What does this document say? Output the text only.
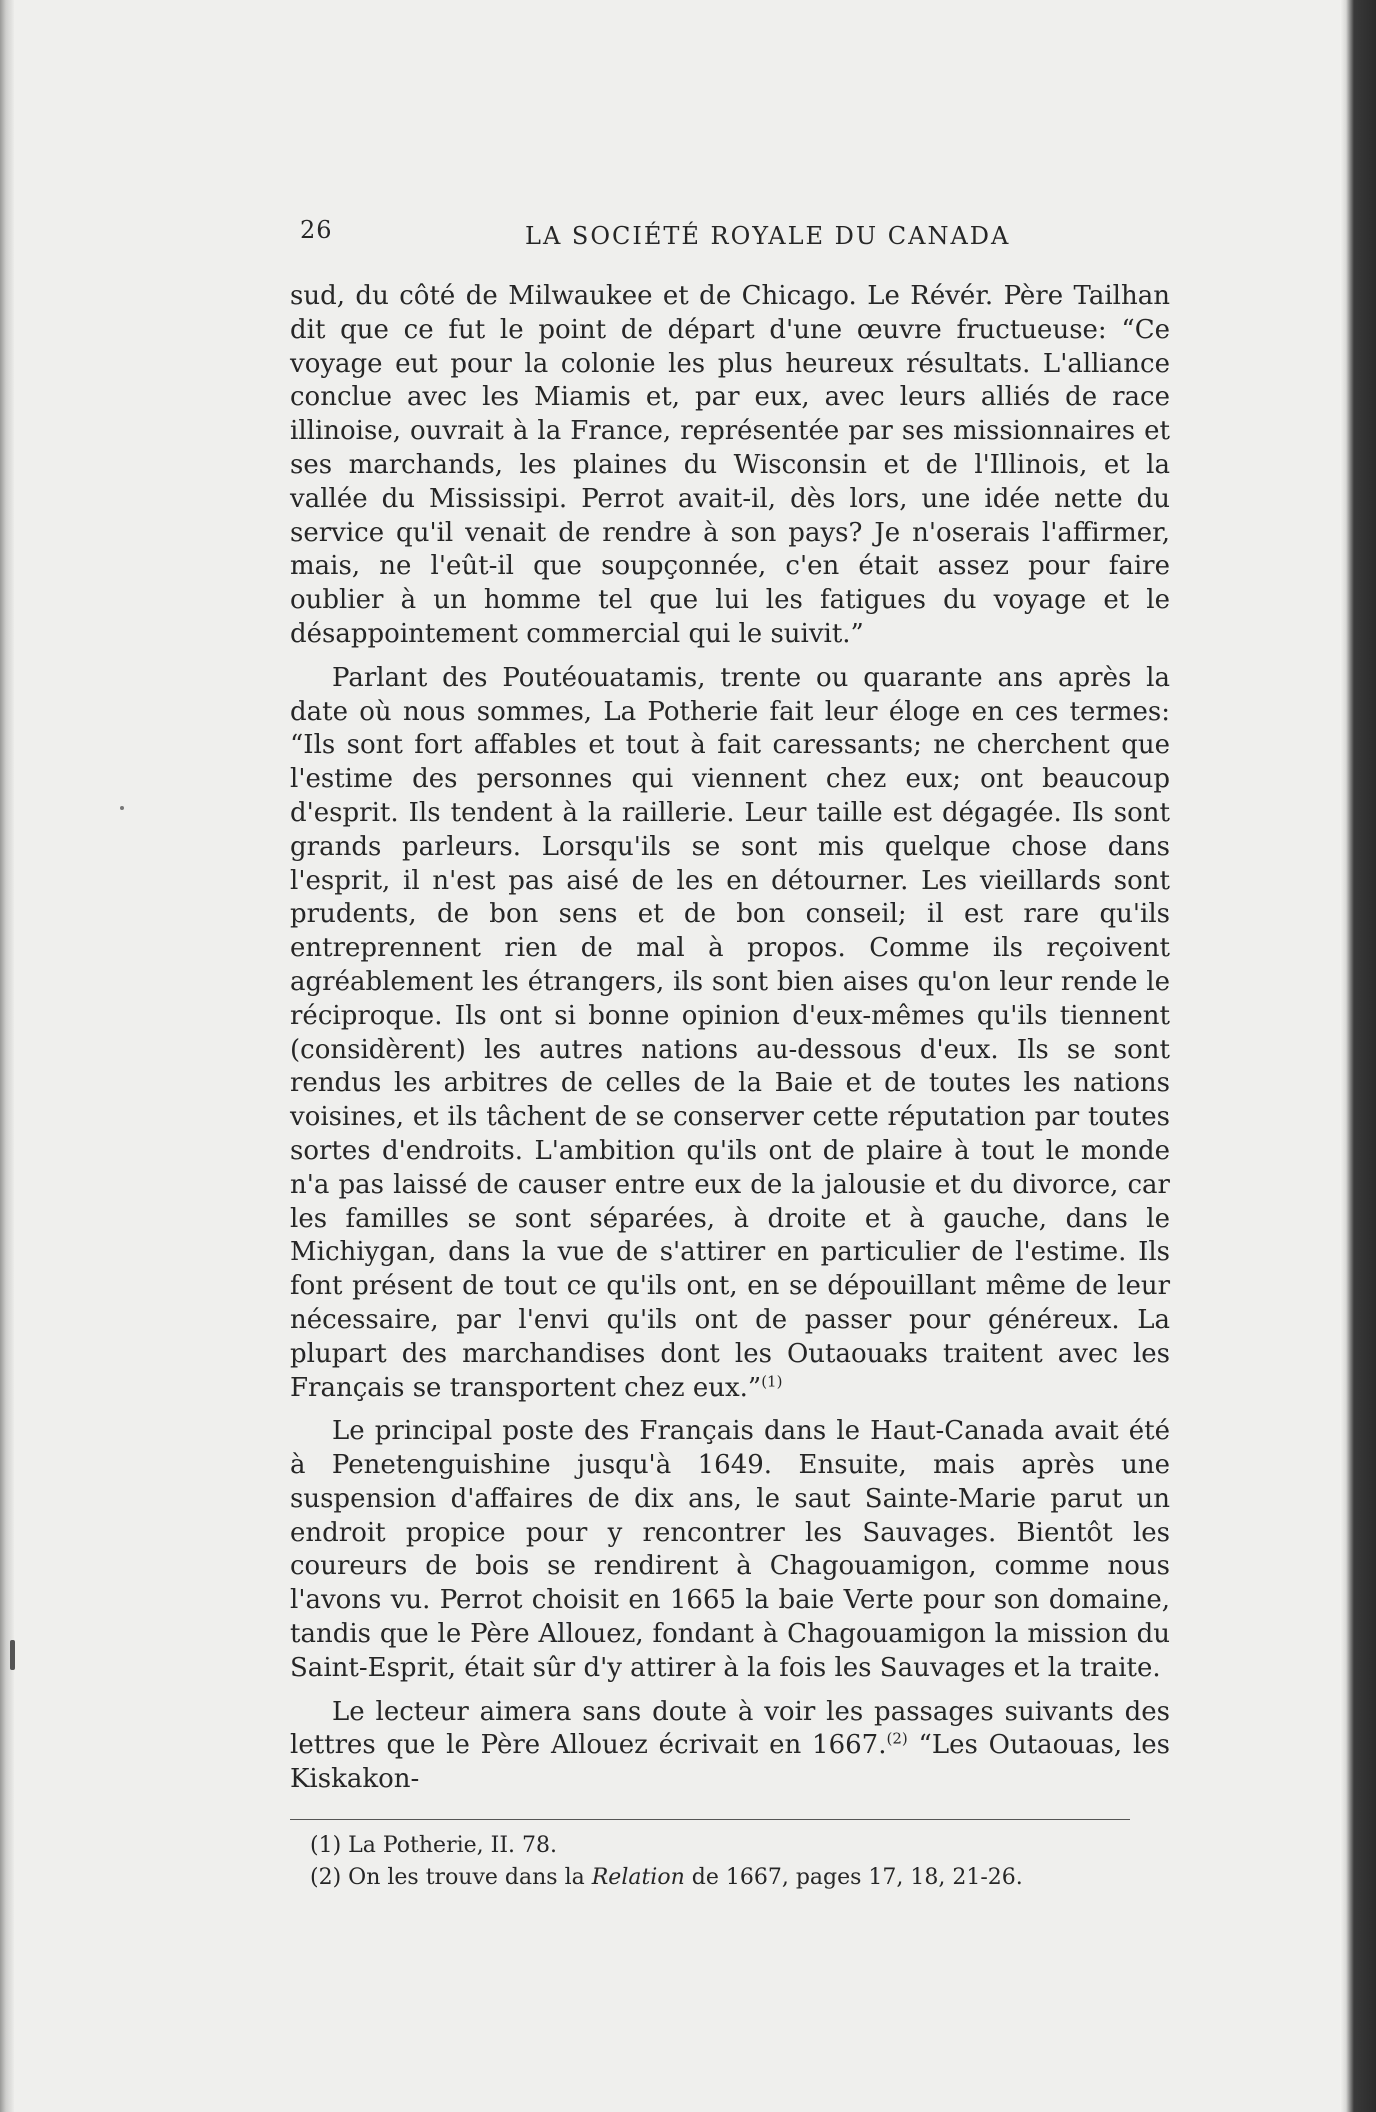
26	LA SOCIÉTÉ ROYALE DU CANADA

sud, du côté de Milwaukee et de Chicago. Le Révér. Père Tailhan dit que ce fut le point de départ d'une œuvre fructueuse: “Ce voyage eut pour la colonie les plus heureux résultats. L'alliance conclue avec les Miamis et, par eux, avec leurs alliés de race illinoise, ouvrait à la France, représentée par ses missionnaires et ses marchands, les plaines du Wisconsin et de l'Illinois, et la vallée du Mississipi. Perrot avait-il, dès lors, une idée nette du service qu'il venait de rendre à son pays? Je n'oserais l'affirmer, mais, ne l'eût-il que soupçonnée, c'en était assez pour faire oublier à un homme tel que lui les fatigues du voyage et le désappointement commercial qui le suivit.”

Parlant des Poutéouatamis, trente ou quarante ans après la date où nous sommes, La Potherie fait leur éloge en ces termes: “Ils sont fort affables et tout à fait caressants; ne cherchent que l'estime des personnes qui viennent chez eux; ont beaucoup d'esprit. Ils tendent à la raillerie. Leur taille est dégagée. Ils sont grands parleurs. Lorsqu'ils se sont mis quelque chose dans l'esprit, il n'est pas aisé de les en détourner. Les vieillards sont prudents, de bon sens et de bon conseil; il est rare qu'ils entreprennent rien de mal à propos. Comme ils reçoivent agréablement les étrangers, ils sont bien aises qu'on leur rende le réciproque. Ils ont si bonne opinion d'eux-mêmes qu'ils tiennent (considèrent) les autres nations au-dessous d'eux. Ils se sont rendus les arbitres de celles de la Baie et de toutes les nations voisines, et ils tâchent de se conserver cette réputation par toutes sortes d'endroits. L'ambition qu'ils ont de plaire à tout le monde n'a pas laissé de causer entre eux de la jalousie et du divorce, car les familles se sont séparées, à droite et à gauche, dans le Michiygan, dans la vue de s'attirer en particulier de l'estime. Ils font présent de tout ce qu'ils ont, en se dépouillant même de leur nécessaire, par l'envi qu'ils ont de passer pour généreux. La plupart des marchandises dont les Outaouaks traitent avec les Français se transportent chez eux.”$^{(1)}$

Le principal poste des Français dans le Haut-Canada avait été à Penetenguishine jusqu'à 1649. Ensuite, mais après une suspension d'affaires de dix ans, le saut Sainte-Marie parut un endroit propice pour y rencontrer les Sauvages. Bientôt les coureurs de bois se rendirent à Chagouamigon, comme nous l'avons vu. Perrot choisit en 1665 la baie Verte pour son domaine, tandis que le Père Allouez, fondant à Chagouamigon la mission du Saint-Esprit, était sûr d'y attirer à la fois les Sauvages et la traite.

Le lecteur aimera sans doute à voir les passages suivants des lettres que le Père Allouez écrivait en 1667.$^{(2)}$ “Les Outaouas, les Kiskakon-

(1) La Potherie, II. 78.
(2) On les trouve dans la Relation de 1667, pages 17, 18, 21-26.
